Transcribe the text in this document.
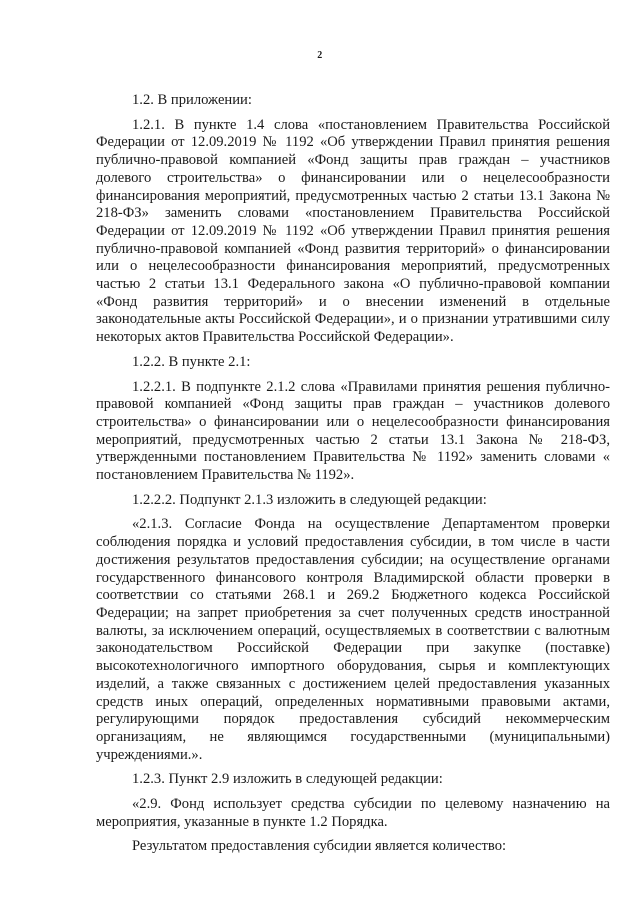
2

1.2. В приложении:

1.2.1. В пункте 1.4 слова «постановлением Правительства Российской Федерации от 12.09.2019 № 1192 «Об утверждении Правил принятия решения публично-правовой компанией «Фонд защиты прав граждан – участников долевого строительства» о финансировании или о нецелесообразности финансирования мероприятий, предусмотренных частью 2 статьи 13.1 Закона № 218-ФЗ» заменить словами «постановлением Правительства Российской Федерации от 12.09.2019 № 1192 «Об утверждении Правил принятия решения публично-правовой компанией «Фонд развития территорий» о финансировании или о нецелесообразности финансирования мероприятий, предусмотренных частью 2 статьи 13.1 Федерального закона «О публично-правовой компании «Фонд развития территорий» и о внесении изменений в отдельные законодательные акты Российской Федерации», и о признании утратившими силу некоторых актов Правительства Российской Федерации».

1.2.2. В пункте 2.1:

1.2.2.1. В подпункте 2.1.2 слова «Правилами принятия решения публично-правовой компанией «Фонд защиты прав граждан – участников долевого строительства» о финансировании или о нецелесообразности финансирования мероприятий, предусмотренных частью 2 статьи 13.1 Закона № 218-ФЗ, утвержденными постановлением Правительства № 1192» заменить словами « постановлением Правительства № 1192».

1.2.2.2. Подпункт 2.1.3 изложить в следующей редакции:

«2.1.3. Согласие Фонда на осуществление Департаментом проверки соблюдения порядка и условий предоставления субсидии, в том числе в части достижения результатов предоставления субсидии; на осуществление органами государственного финансового контроля Владимирской области проверки в соответствии со статьями 268.1 и 269.2 Бюджетного кодекса Российской Федерации; на запрет приобретения за счет полученных средств иностранной валюты, за исключением операций, осуществляемых в соответствии с валютным законодательством Российской Федерации при закупке (поставке) высокотехнологичного импортного оборудования, сырья и комплектующих изделий, а также связанных с достижением целей предоставления указанных средств иных операций, определенных нормативными правовыми актами, регулирующими порядок предоставления субсидий некоммерческим организациям, не являющимся государственными (муниципальными) учреждениями.».

1.2.3. Пункт 2.9 изложить в следующей редакции:

«2.9. Фонд использует средства субсидии по целевому назначению на мероприятия, указанные в пункте 1.2 Порядка.

Результатом предоставления субсидии является количество:
